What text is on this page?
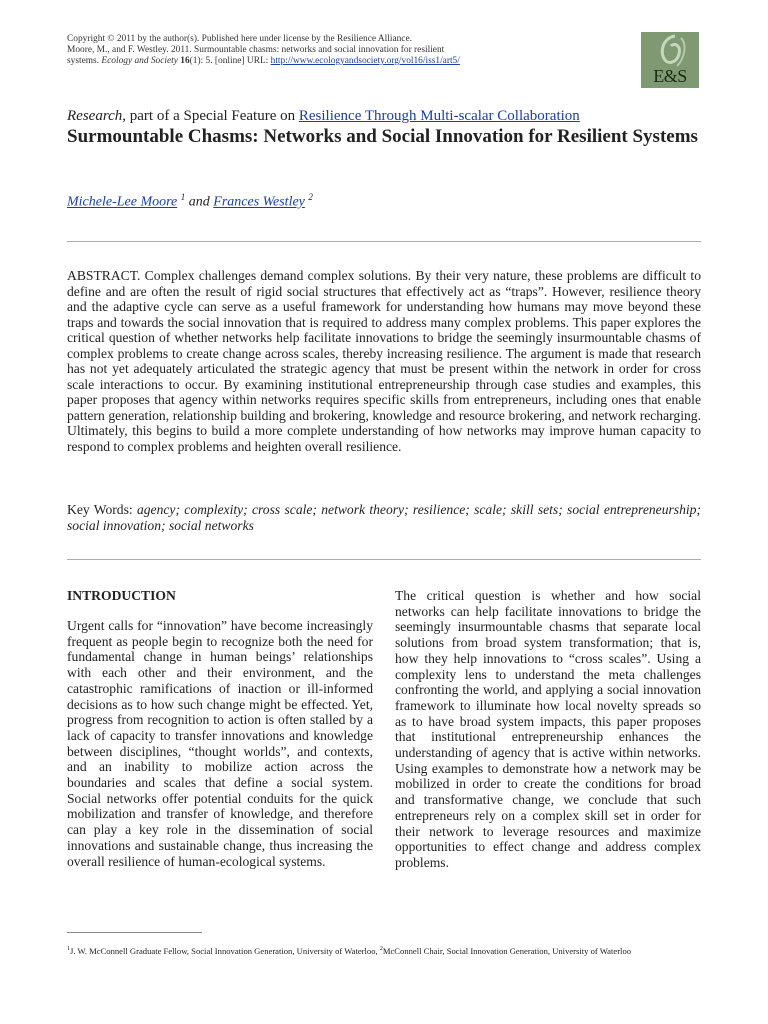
Copyright © 2011 by the author(s). Published here under license by the Resilience Alliance.
Moore, M., and F. Westley. 2011. Surmountable chasms: networks and social innovation for resilient
systems. Ecology and Society 16(1): 5. [online] URL: http://www.ecologyandsociety.org/vol16/iss1/art5/
E&S
Research, part of a Special Feature on Resilience Through Multi-scalar Collaboration
Surmountable Chasms: Networks and Social Innovation for Resilient Systems
Michele-Lee Moore $^1$ and Frances Westley $^2$

ABSTRACT. Complex challenges demand complex solutions. By their very nature, these problems are difficult to define and are often the result of rigid social structures that effectively act as “traps”. However, resilience theory and the adaptive cycle can serve as a useful framework for understanding how humans may move beyond these traps and towards the social innovation that is required to address many complex problems. This paper explores the critical question of whether networks help facilitate innovations to bridge the seemingly insurmountable chasms of complex problems to create change across scales, thereby increasing resilience. The argument is made that research has not yet adequately articulated the strategic agency that must be present within the network in order for cross scale interactions to occur. By examining institutional entrepreneurship through case studies and examples, this paper proposes that agency within networks requires specific skills from entrepreneurs, including ones that enable pattern generation, relationship building and brokering, knowledge and resource brokering, and network recharging. Ultimately, this begins to build a more complete understanding of how networks may improve human capacity to respond to complex problems and heighten overall resilience.

Key Words: agency; complexity; cross scale; network theory; resilience; scale; skill sets; social entrepreneurship; social innovation; social networks

INTRODUCTION

Urgent calls for “innovation” have become increasingly frequent as people begin to recognize both the need for fundamental change in human beings’ relationships with each other and their environment, and the catastrophic ramifications of inaction or ill-informed decisions as to how such change might be effected. Yet, progress from recognition to action is often stalled by a lack of capacity to transfer innovations and knowledge between disciplines, “thought worlds”, and contexts, and an inability to mobilize action across the boundaries and scales that define a social system. Social networks offer potential conduits for the quick mobilization and transfer of knowledge, and therefore can play a key role in the dissemination of social innovations and sustainable change, thus increasing the overall resilience of human-ecological systems.

The critical question is whether and how social networks can help facilitate innovations to bridge the seemingly insurmountable chasms that separate local solutions from broad system transformation; that is, how they help innovations to “cross scales”. Using a complexity lens to understand the meta challenges confronting the world, and applying a social innovation framework to illuminate how local novelty spreads so as to have broad system impacts, this paper proposes that institutional entrepreneurship enhances the understanding of agency that is active within networks. Using examples to demonstrate how a network may be mobilized in order to create the conditions for broad and transformative change, we conclude that such entrepreneurs rely on a complex skill set in order for their network to leverage resources and maximize opportunities to effect change and address complex problems.

$^1$J. W. McConnell Graduate Fellow, Social Innovation Generation, University of Waterloo, $^2$McConnell Chair, Social Innovation Generation, University of Waterloo
